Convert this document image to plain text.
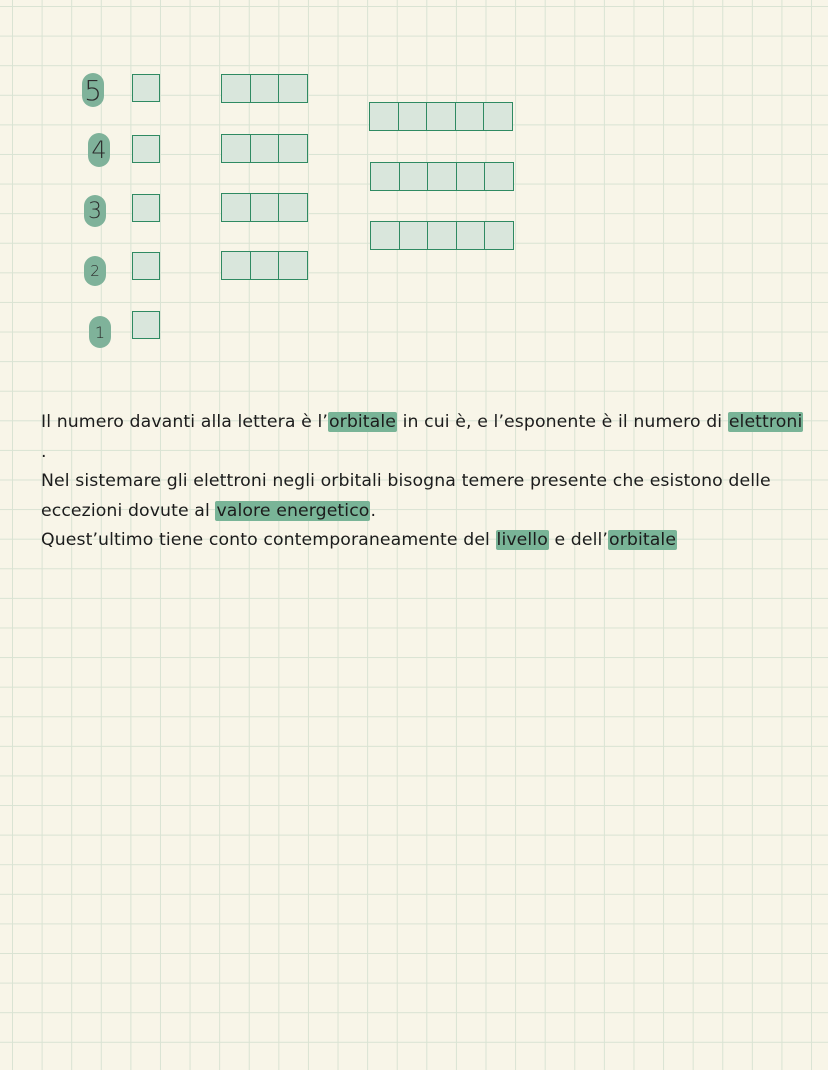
5
4
3
2
1

Il numero davanti alla lettera è l’orbitale in cui è, e l’esponente è il numero di elettroni .

Nel sistemare gli elettroni negli orbitali bisogna temere presente che esistono delle eccezioni dovute al valore energetico.

Quest’ultimo tiene conto contemporaneamente del livello e dell’orbitale
